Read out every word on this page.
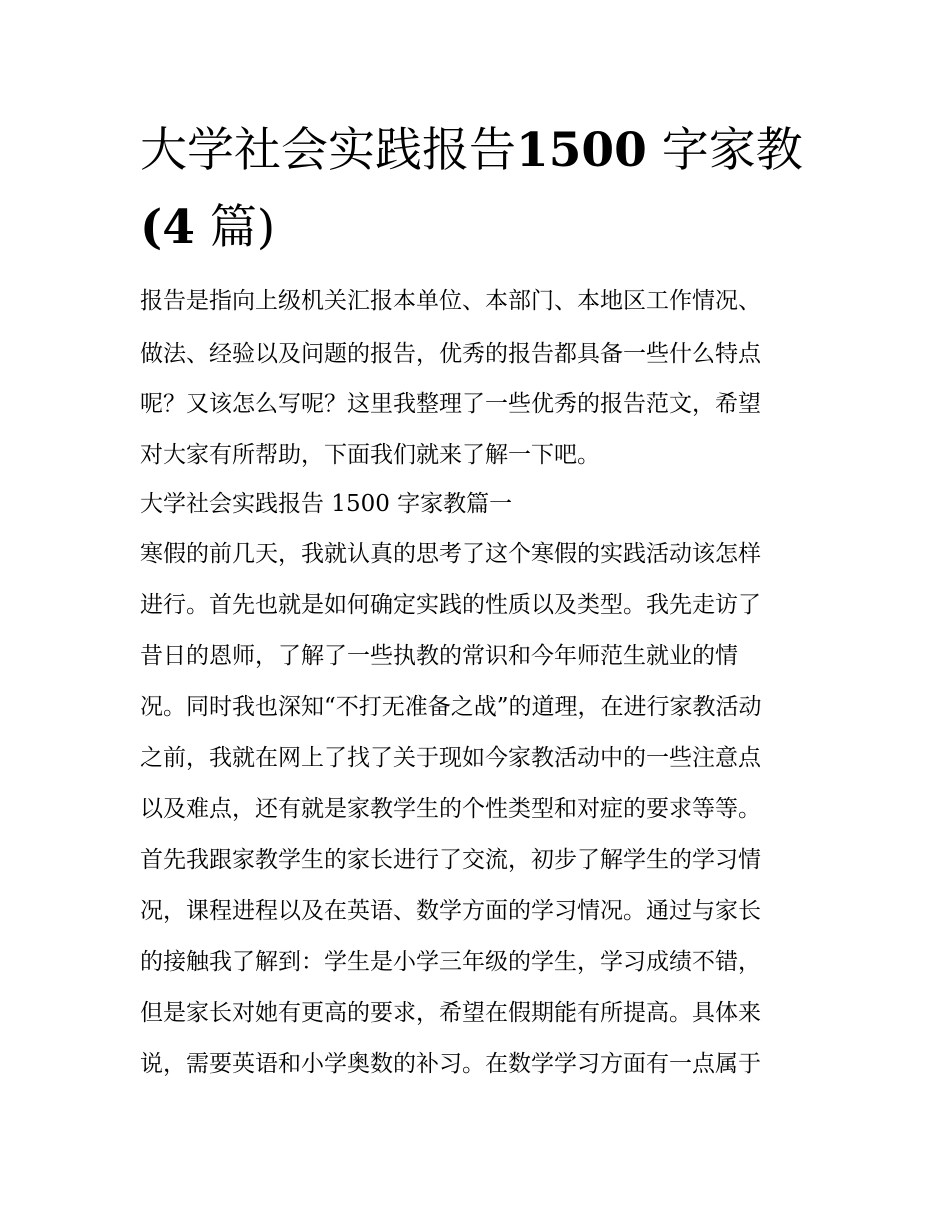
大学社会实践报告1500 字家教
(4 篇)

报告是指向上级机关汇报本单位、本部门、本地区工作情况、

做法、经验以及问题的报告，优秀的报告都具备一些什么特点

呢？又该怎么写呢？这里我整理了一些优秀的报告范文，希望

对大家有所帮助，下面我们就来了解一下吧。

大学社会实践报告 1500 字家教篇一

寒假的前几天，我就认真的思考了这个寒假的实践活动该怎样

进行。首先也就是如何确定实践的性质以及类型。我先走访了

昔日的恩师，了解了一些执教的常识和今年师范生就业的情

况。同时我也深知“不打无准备之战”的道理，在进行家教活动

之前，我就在网上了找了关于现如今家教活动中的一些注意点

以及难点，还有就是家教学生的个性类型和对症的要求等等。

首先我跟家教学生的家长进行了交流，初步了解学生的学习情

况，课程进程以及在英语、数学方面的学习情况。通过与家长

的接触我了解到：学生是小学三年级的学生，学习成绩不错，

但是家长对她有更高的要求，希望在假期能有所提高。具体来

说，需要英语和小学奥数的补习。在数学学习方面有一点属于
